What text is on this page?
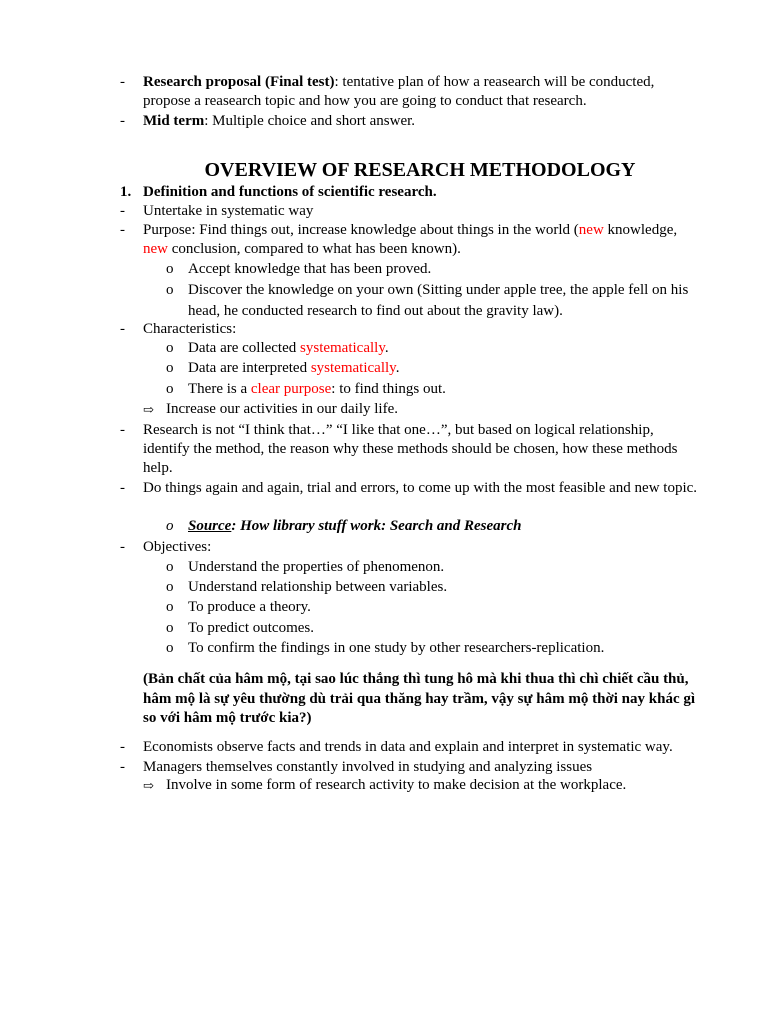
- Research proposal (Final test): tentative plan of how a reasearch will be conducted, propose a reasearch topic and how you are going to conduct that research.
- Mid term: Multiple choice and short answer.
OVERVIEW OF RESEARCH METHODOLOGY
1. Definition and functions of scientific research.
- Untertake in systematic way
- Purpose: Find things out, increase knowledge about things in the world (new knowledge, new conclusion, compared to what has been known).
o Accept knowledge that has been proved.
o Discover the knowledge on your own (Sitting under apple tree, the apple fell on his head, he conducted research to find out about the gravity law).
- Characteristics:
o Data are collected systematically.
o Data are interpreted systematically.
o There is a clear purpose: to find things out.
⇨ Increase our activities in our daily life.
- Research is not “I think that…” “I like that one…”, but based on logical relationship, identify the method, the reason why these methods should be chosen, how these methods help.
- Do things again and again, trial and errors, to come up with the most feasible and new topic.
o Source: How library stuff work: Search and Research
- Objectives:
o Understand the properties of phenomenon.
o Understand relationship between variables.
o To produce a theory.
o To predict outcomes.
o To confirm the findings in one study by other researchers-replication.
(Bản chất của hâm mộ, tại sao lúc thắng thì tung hô mà khi thua thì chì chiết cầu thủ, hâm mộ là sự yêu thường dù trải qua thăng hay trầm, vậy sự hâm mộ thời nay khác gì so với hâm mộ trước kia?)
- Economists observe facts and trends in data and explain and interpret in systematic way.
- Managers themselves constantly involved in studying and analyzing issues
⇨ Involve in some form of research activity to make decision at the workplace.
